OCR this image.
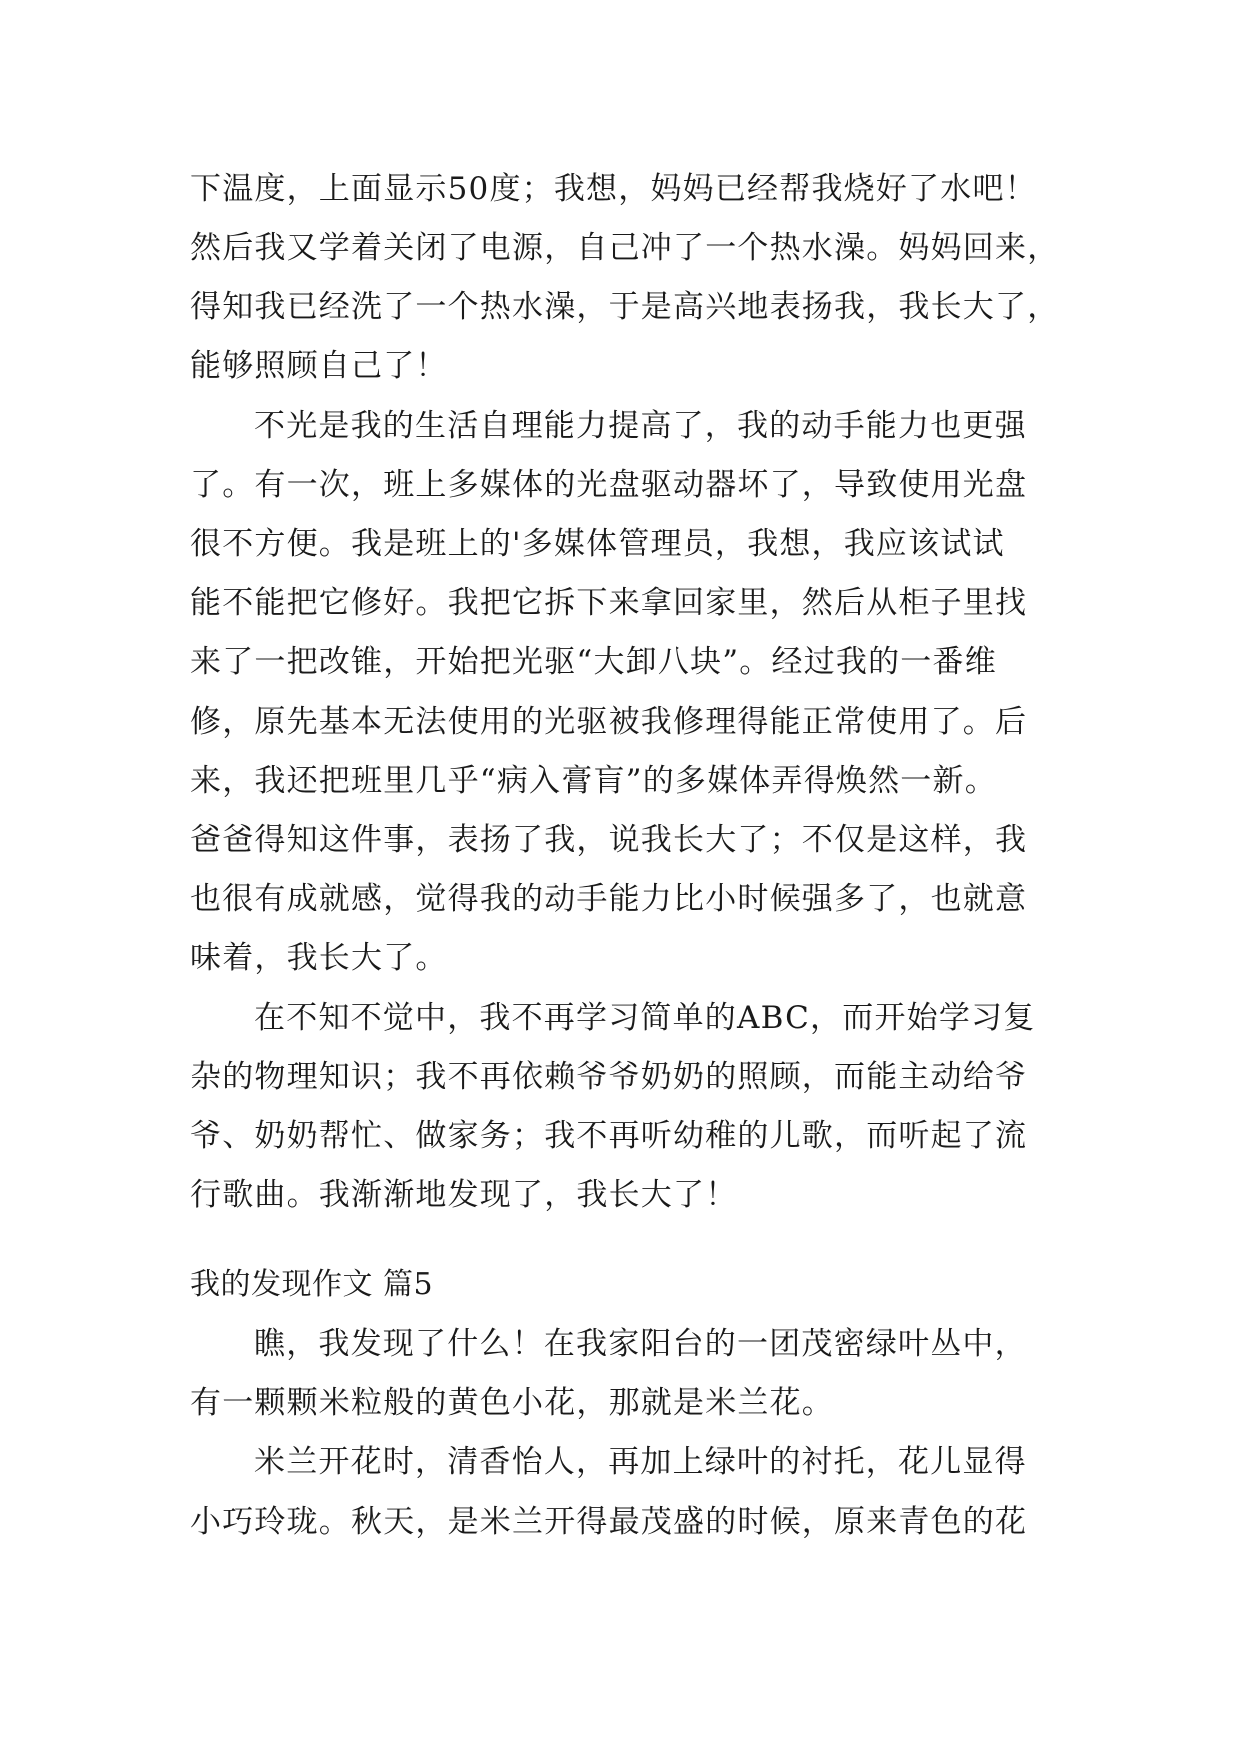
下温度，上面显示50度；我想，妈妈已经帮我烧好了水吧！
然后我又学着关闭了电源，自己冲了一个热水澡。妈妈回来，
得知我已经洗了一个热水澡，于是高兴地表扬我，我长大了，
能够照顾自己了！
不光是我的生活自理能力提高了，我的动手能力也更强
了。有一次，班上多媒体的光盘驱动器坏了，导致使用光盘
很不方便。我是班上的'多媒体管理员，我想，我应该试试
能不能把它修好。我把它拆下来拿回家里，然后从柜子里找
来了一把改锥，开始把光驱“大卸八块”。经过我的一番维
修，原先基本无法使用的光驱被我修理得能正常使用了。后
来，我还把班里几乎“病入膏肓”的多媒体弄得焕然一新。
爸爸得知这件事，表扬了我，说我长大了；不仅是这样，我
也很有成就感，觉得我的动手能力比小时候强多了，也就意
味着，我长大了。
在不知不觉中，我不再学习简单的ABC，而开始学习复
杂的物理知识；我不再依赖爷爷奶奶的照顾，而能主动给爷
爷、奶奶帮忙、做家务；我不再听幼稚的儿歌，而听起了流
行歌曲。我渐渐地发现了，我长大了！
我的发现作文 篇5
瞧，我发现了什么！在我家阳台的一团茂密绿叶丛中，
有一颗颗米粒般的黄色小花，那就是米兰花。
米兰开花时，清香怡人，再加上绿叶的衬托，花儿显得
小巧玲珑。秋天，是米兰开得最茂盛的时候，原来青色的花
